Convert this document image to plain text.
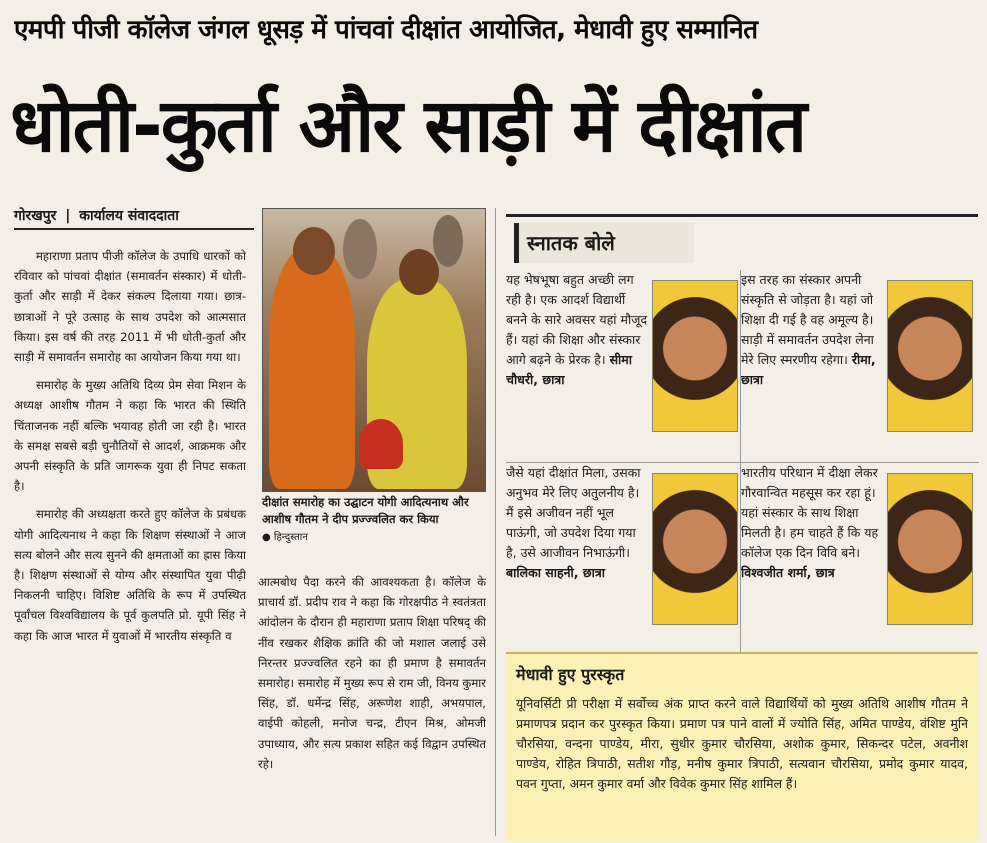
एमपी पीजी कॉलेज जंगल धूसड़ में पांचवां दीक्षांत आयोजित, मेधावी हुए सम्मानित
धोती-कुर्ता और साड़ी में दीक्षांत
गोरखपुर | कार्यालय संवाददाता

महाराणा प्रताप पीजी कॉलेज के उपाधि धारकों को रविवार को पांचवां दीक्षांत (समावर्तन संस्कार) में धोती-कुर्ता और साड़ी में देकर संकल्प दिलाया गया। छात्र-छात्राओं ने पूरे उत्साह के साथ उपदेश को आत्मसात किया। इस वर्ष की तरह 2011 में भी धोती-कुर्ता और साड़ी में समावर्तन समारोह का आयोजन किया गया था।

समारोह के मुख्य अतिथि दिव्य प्रेम सेवा मिशन के अध्यक्ष आशीष गौतम ने कहा कि भारत की स्थिति चिंताजनक नहीं बल्कि भयावह होती जा रही है। भारत के समक्ष सबसे बड़ी चुनौतियों से आदर्श, आक्रमक और अपनी संस्कृति के प्रति जागरूक युवा ही निपट सकता है।

समारोह की अध्यक्षता करते हुए कॉलेज के प्रबंधक योगी आदित्यनाथ ने कहा कि शिक्षण संस्थाओं ने आज सत्य बोलने और सत्य सुनने की क्षमताओं का ह्रास किया है। शिक्षण संस्थाओं से योग्य और संस्थापित युवा पीढ़ी निकलनी चाहिए। विशिष्ट अतिथि के रूप में उपस्थित पूर्वांचल विश्वविद्यालय के पूर्व कुलपति प्रो. यूपी सिंह ने कहा कि आज भारत में युवाओं में भारतीय संस्कृति व

दीक्षांत समारोह का उद्घाटन योगी आदित्यनाथ और आशीष गौतम ने दीप प्रज्ज्वलित कर किया ● हिन्दुस्तान

आत्मबोध पैदा करने की आवश्यकता है। कॉलेज के प्राचार्य डॉ. प्रदीप राव ने कहा कि गोरक्षपीठ ने स्वतंत्रता आंदोलन के दौरान ही महाराणा प्रताप शिक्षा परिषद् की नींव रखकर शैक्षिक क्रांति की जो मशाल जलाई उसे निरन्तर प्रज्ज्वलित रहने का ही प्रमाण है समावर्तन समारोह। समारोह में मुख्य रूप से राम जी, विनय कुमार सिंह, डॉ. धर्मेन्द्र सिंह, अरूणेश शाही, अभयपाल, वाईपी कोहली, मनोज चन्द्र, टीएन मिश्र, ओमजी उपाध्याय, और सत्य प्रकाश सहित कई विद्वान उपस्थित रहे।

स्नातक बोले
यह भेषभूषा बहुत अच्छी लग रही है। एक आदर्श विद्यार्थी बनने के सारे अवसर यहां मौजूद हैं। यहां की शिक्षा और संस्कार आगे बढ़ने के प्रेरक है। सीमा चौधरी, छात्रा
इस तरह का संस्कार अपनी संस्कृति से जोड़ता है। यहां जो शिक्षा दी गई है वह अमूल्य है। साड़ी में समावर्तन उपदेश लेना मेरे लिए स्मरणीय रहेगा। रीमा, छात्रा
जैसे यहां दीक्षांत मिला, उसका अनुभव मेरे लिए अतुलनीय है। मैं इसे अजीवन नहीं भूल पाऊंगी, जो उपदेश दिया गया है, उसे आजीवन निभाऊंगी। बालिका साहनी, छात्रा
भारतीय परिधान में दीक्षा लेकर गौरवान्वित महसूस कर रहा हूं। यहां संस्कार के साथ शिक्षा मिलती है। हम चाहते हैं कि यह कॉलेज एक दिन विवि बने। विश्वजीत शर्मा, छात्र
मेधावी हुए पुरस्कृत
यूनिवर्सिटी प्री परीक्षा में सर्वोच्च अंक प्राप्त करने वाले विद्यार्थियों को मुख्य अतिथि आशीष गौतम ने प्रमाणपत्र प्रदान कर पुरस्कृत किया। प्रमाण पत्र पाने वालों में ज्योति सिंह, अमित पाण्डेय, वंशिष्ट मुनि चौरसिया, वन्दना पाण्डेय, मीरा, सुधीर कुमार चौरसिया, अशोक कुमार, सिकन्दर पटेल, अवनीश पाण्डेय, रोहित त्रिपाठी, सतीश गौड़, मनीष कुमार त्रिपाठी, सत्यवान चौरसिया, प्रमोद कुमार यादव, पवन गुप्ता, अमन कुमार वर्मा और विवेक कुमार सिंह शामिल हैं।
